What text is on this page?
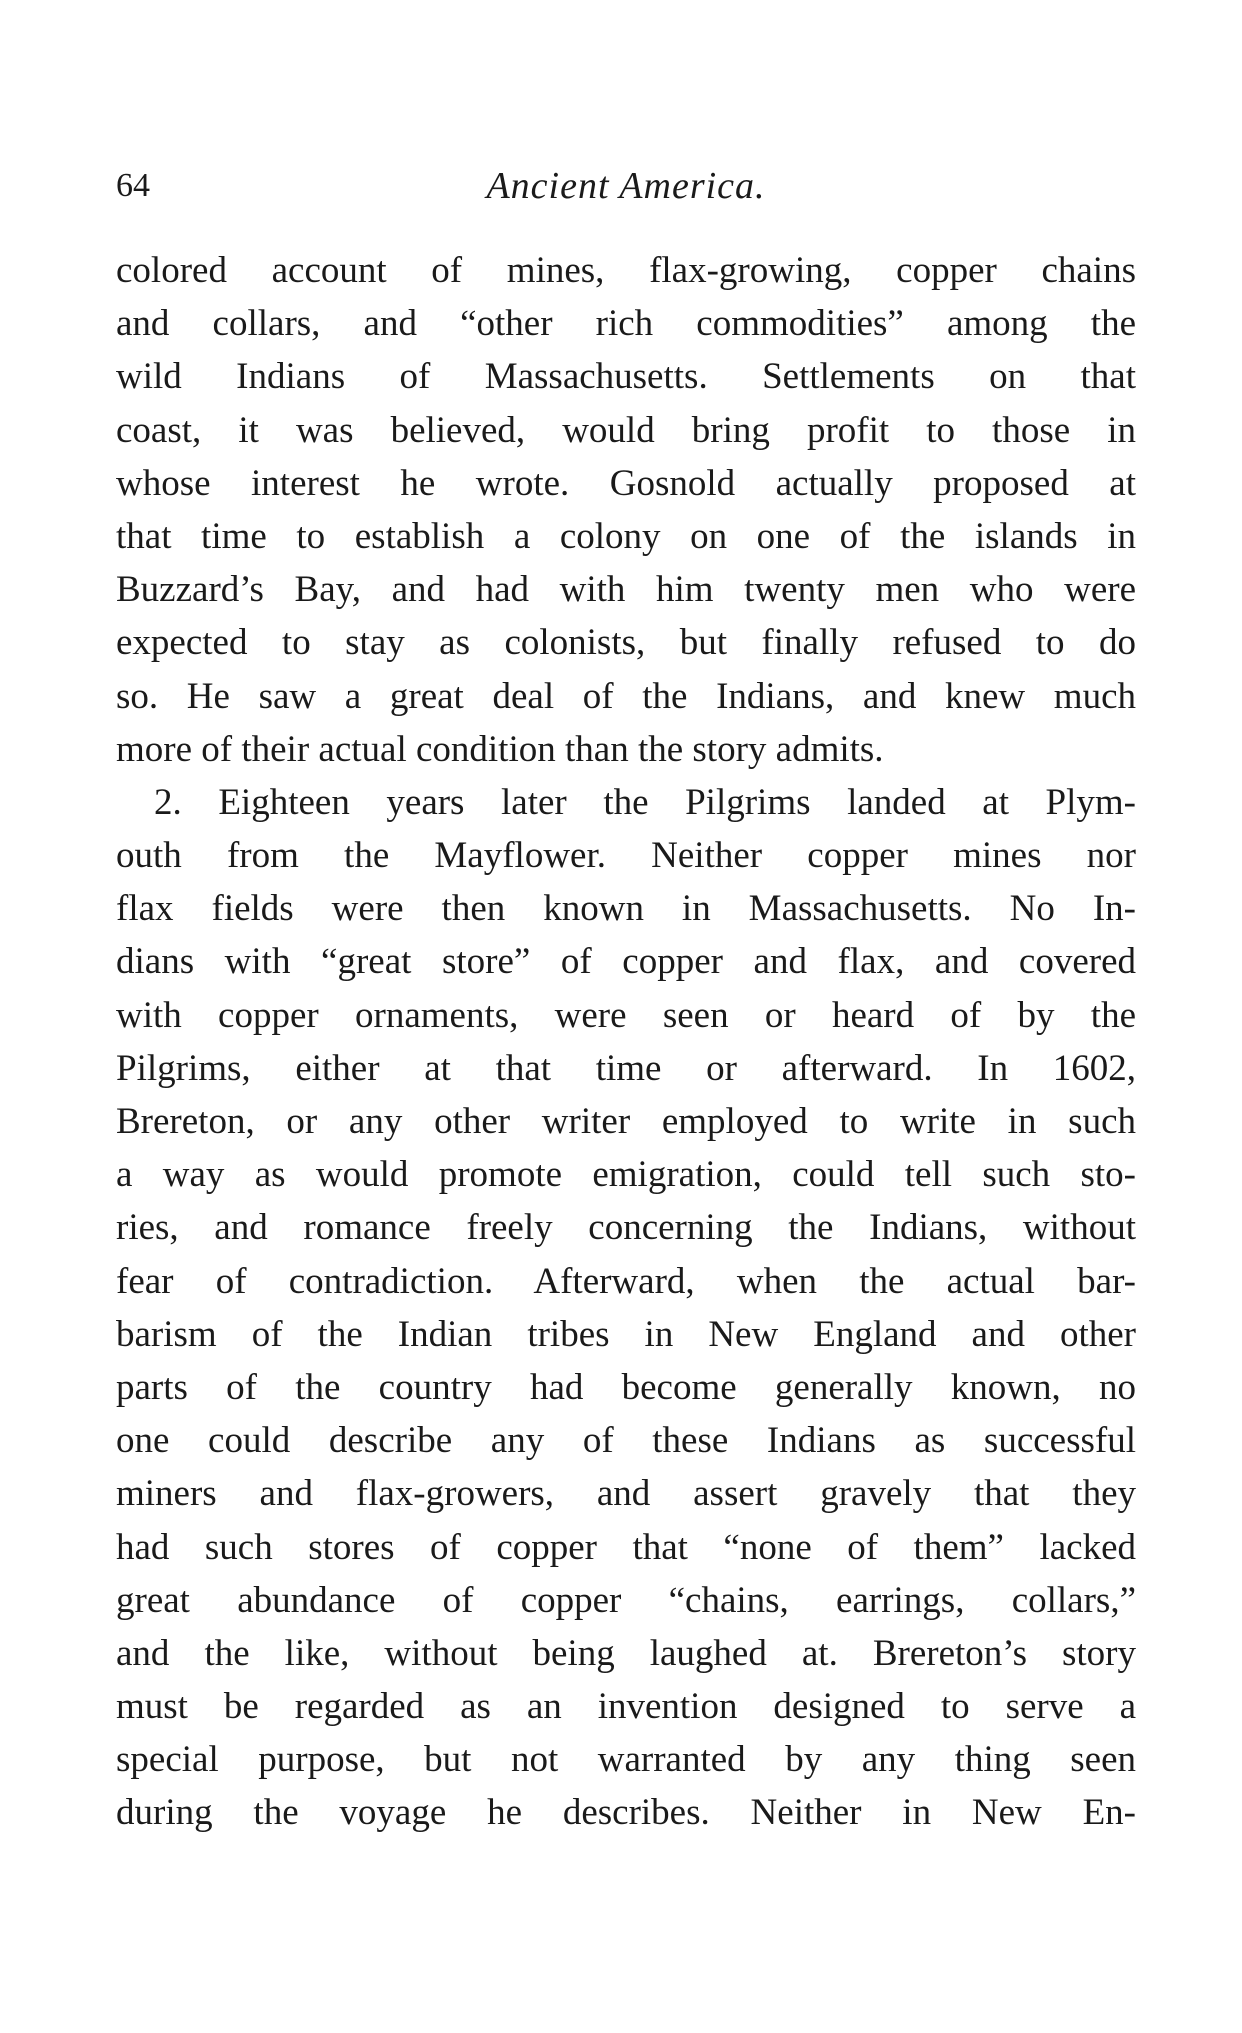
64	Ancient America.
colored account of mines, flax-growing, copper chains
and collars, and “other rich commodities” among the
wild Indians of Massachusetts. Settlements on that
coast, it was believed, would bring profit to those in
whose interest he wrote. Gosnold actually proposed at
that time to establish a colony on one of the islands in
Buzzard’s Bay, and had with him twenty men who were
expected to stay as colonists, but finally refused to do
so. He saw a great deal of the Indians, and knew much
more of their actual condition than the story admits.
2. Eighteen years later the Pilgrims landed at Plym-
outh from the Mayflower. Neither copper mines nor
flax fields were then known in Massachusetts. No In-
dians with “great store” of copper and flax, and covered
with copper ornaments, were seen or heard of by the
Pilgrims, either at that time or afterward. In 1602,
Brereton, or any other writer employed to write in such
a way as would promote emigration, could tell such sto-
ries, and romance freely concerning the Indians, without
fear of contradiction. Afterward, when the actual bar-
barism of the Indian tribes in New England and other
parts of the country had become generally known, no
one could describe any of these Indians as successful
miners and flax-growers, and assert gravely that they
had such stores of copper that “none of them” lacked
great abundance of copper “chains, earrings, collars,”
and the like, without being laughed at. Brereton’s story
must be regarded as an invention designed to serve a
special purpose, but not warranted by any thing seen
during the voyage he describes. Neither in New En-
